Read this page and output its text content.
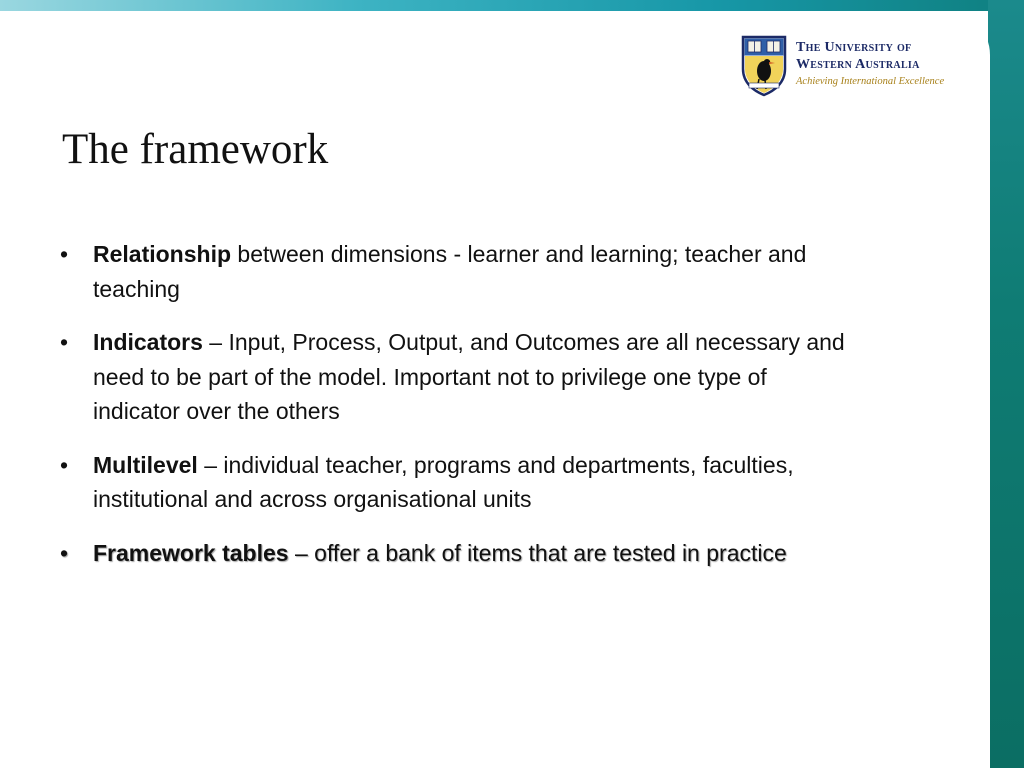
The University of
Western Australia
Achieving International Excellence
The framework
• Relationship between dimensions - learner and learning; teacher and teaching
• Indicators – Input, Process, Output, and Outcomes are all necessary and need to be part of the model. Important not to privilege one type of indicator over the others
• Multilevel – individual teacher, programs and departments, faculties, institutional and across organisational units
• Framework tables – offer a bank of items that are tested in practice
